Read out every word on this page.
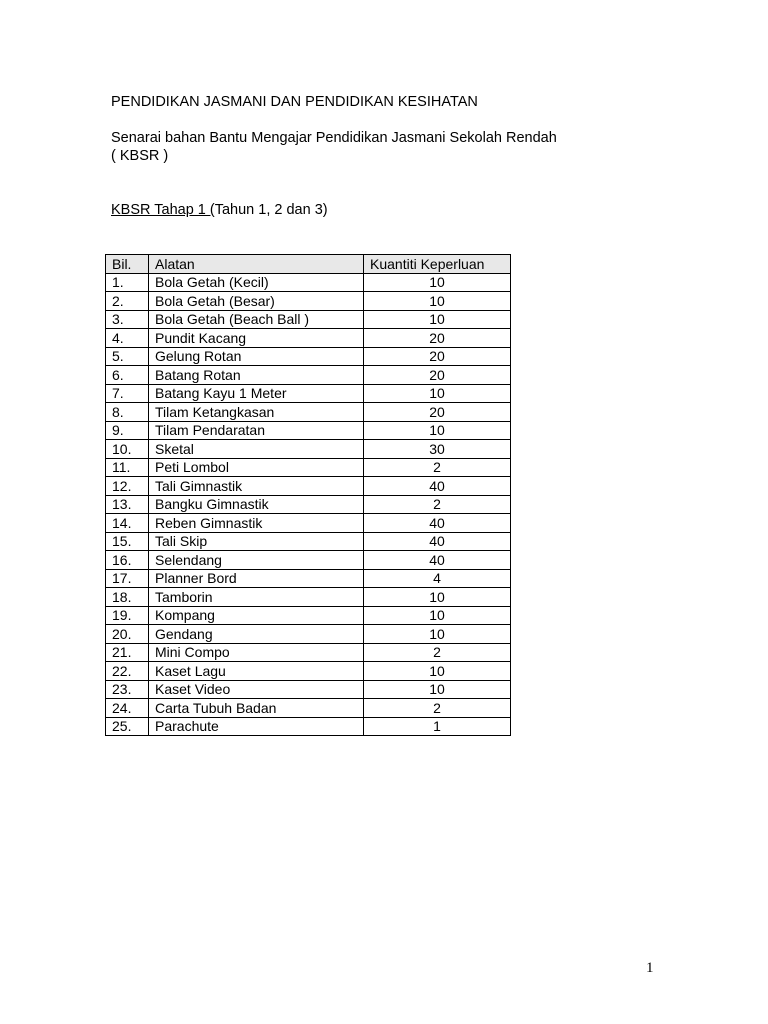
PENDIDIKAN JASMANI DAN PENDIDIKAN KESIHATAN
Senarai bahan Bantu Mengajar Pendidikan Jasmani Sekolah Rendah
( KBSR )
KBSR Tahap 1 (Tahun 1, 2 dan 3)
Bil.	Alatan	Kuantiti Keperluan
1.	Bola Getah (Kecil)	10
2.	Bola Getah (Besar)	10
3.	Bola Getah (Beach Ball )	10
4.	Pundit Kacang	20
5.	Gelung Rotan	20
6.	Batang Rotan	20
7.	Batang Kayu 1 Meter	10
8.	Tilam Ketangkasan	20
9.	Tilam Pendaratan	10
10.	Sketal	30
11.	Peti Lombol	2
12.	Tali Gimnastik	40
13.	Bangku Gimnastik	2
14.	Reben Gimnastik	40
15.	Tali Skip	40
16.	Selendang	40
17.	Planner Bord	4
18.	Tamborin	10
19.	Kompang	10
20.	Gendang	10
21.	Mini Compo	2
22.	Kaset Lagu	10
23.	Kaset Video	10
24.	Carta Tubuh Badan	2
25.	Parachute	1
1
